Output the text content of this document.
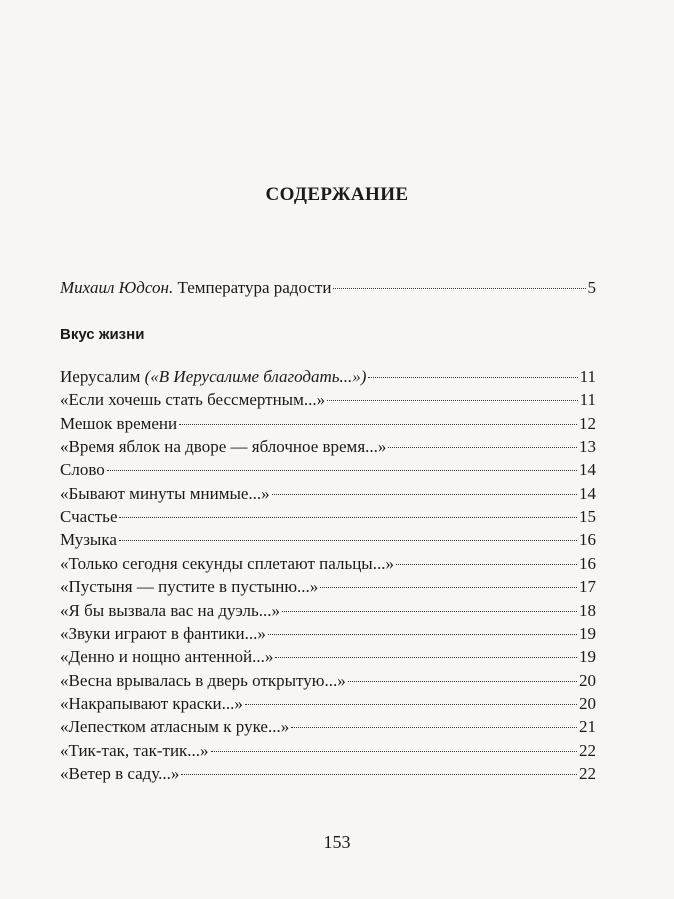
СОДЕРЖАНИЕ
Михаил Юдсон. Температура радости	5
Вкус жизни
Иерусалим («В Иерусалиме благодать...»)	11
«Если хочешь стать бессмертным...»	11
Мешок времени	12
«Время яблок на дворе — яблочное время...»	13
Слово	14
«Бывают минуты мнимые...»	14
Счастье	15
Музыка	16
«Только сегодня секунды сплетают пальцы...»	16
«Пустыня — пустите в пустыню...»	17
«Я бы вызвала вас на дуэль...»	18
«Звуки играют в фантики...»	19
«Денно и нощно антенной...»	19
«Весна врывалась в дверь открытую...»	20
«Накрапывают краски...»	20
«Лепестком атласным к руке...»	21
«Тик-так, так-тик...»	22
«Ветер в саду...»	22
153
